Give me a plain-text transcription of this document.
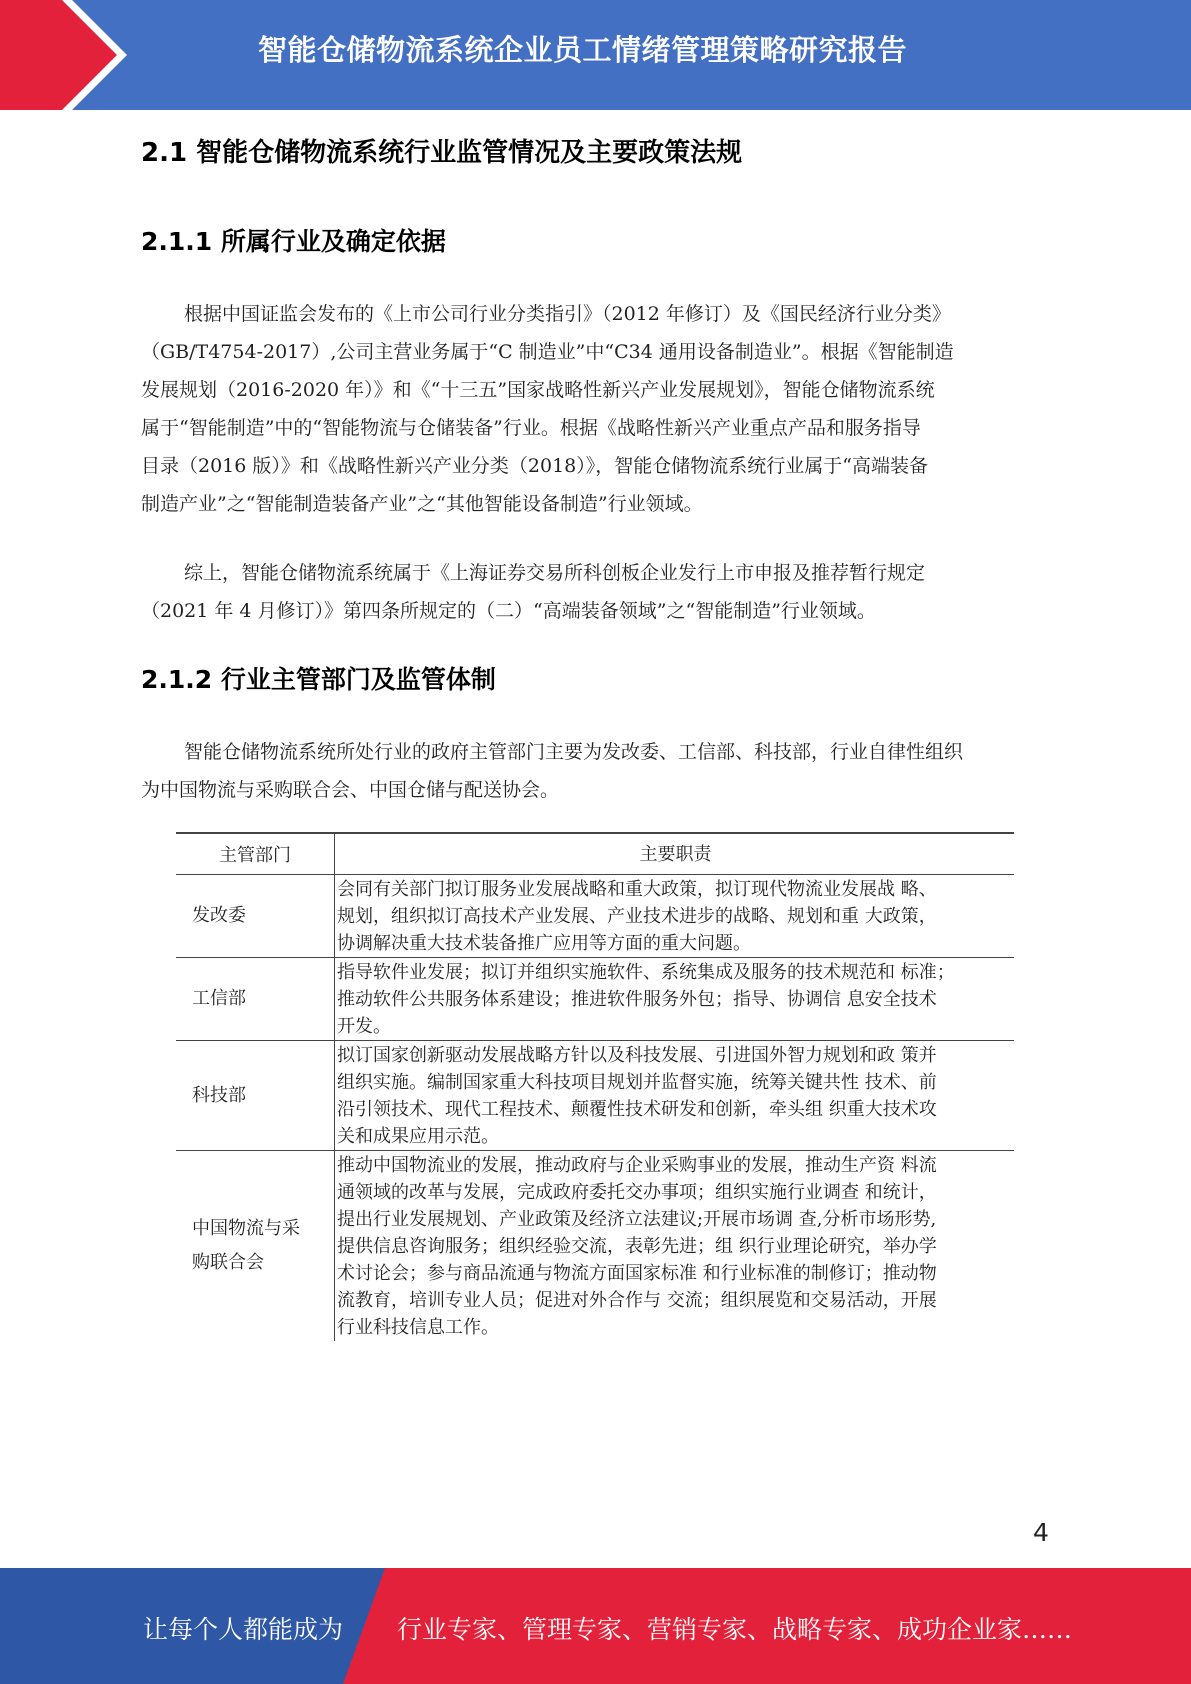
智能仓储物流系统企业员工情绪管理策略研究报告
2.1 智能仓储物流系统行业监管情况及主要政策法规
2.1.1 所属行业及确定依据
根据中国证监会发布的《上市公司行业分类指引》（2012 年修订）及《国民经济行业分类》
（GB/T4754-2017）,公司主营业务属于“C 制造业”中“C34 通用设备制造业”。根据《智能制造
发展规划（2016-2020 年）》和《“十三五”国家战略性新兴产业发展规划》，智能仓储物流系统
属于“智能制造”中的“智能物流与仓储装备”行业。根据《战略性新兴产业重点产品和服务指导
目录（2016 版）》和《战略性新兴产业分类（2018）》，智能仓储物流系统行业属于“高端装备
制造产业”之“智能制造装备产业”之“其他智能设备制造”行业领域。
综上，智能仓储物流系统属于《上海证券交易所科创板企业发行上市申报及推荐暂行规定
（2021 年 4 月修订）》第四条所规定的（二）“高端装备领域”之“智能制造”行业领域。
2.1.2 行业主管部门及监管体制
智能仓储物流系统所处行业的政府主管部门主要为发改委、工信部、科技部，行业自律性组织
为中国物流与采购联合会、中国仓储与配送协会。
主管部门	主要职责
发改委
会同有关部门拟订服务业发展战略和重大政策，拟订现代物流业发展战 略、
规划，组织拟订高技术产业发展、产业技术进步的战略、规划和重 大政策，
协调解决重大技术装备推广应用等方面的重大问题。
工信部
指导软件业发展；拟订并组织实施软件、系统集成及服务的技术规范和 标准；
推动软件公共服务体系建设；推进软件服务外包；指导、协调信 息安全技术
开发。
科技部
拟订国家创新驱动发展战略方针以及科技发展、引进国外智力规划和政 策并
组织实施。编制国家重大科技项目规划并监督实施，统筹关键共性 技术、前
沿引领技术、现代工程技术、颠覆性技术研发和创新，牵头组 织重大技术攻
关和成果应用示范。
中国物流与采
购联合会
推动中国物流业的发展，推动政府与企业采购事业的发展，推动生产资 料流
通领域的改革与发展，完成政府委托交办事项；组织实施行业调查 和统计，
提出行业发展规划、产业政策及经济立法建议;开展市场调 查,分析市场形势,
提供信息咨询服务；组织经验交流，表彰先进；组 织行业理论研究，举办学
术讨论会；参与商品流通与物流方面国家标准 和行业标准的制修订；推动物
流教育，培训专业人员；促进对外合作与 交流；组织展览和交易活动，开展
行业科技信息工作。
4
让每个人都能成为 行业专家、管理专家、营销专家、战略专家、成功企业家……
